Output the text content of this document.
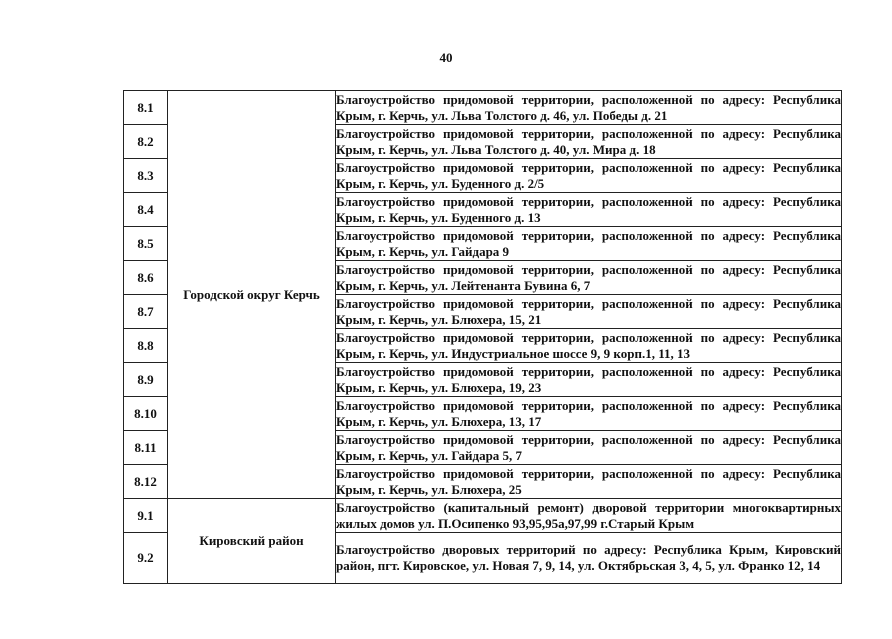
40
8.1	Городской округ Керчь	Благоустройство придомовой территории, расположенной по адресу: Республика Крым, г. Керчь, ул. Льва Толстого д. 46, ул. Победы д. 21
8.2		Благоустройство придомовой территории, расположенной по адресу: Республика Крым, г. Керчь, ул. Льва Толстого д. 40, ул. Мира д. 18
8.3		Благоустройство придомовой территории, расположенной по адресу: Республика Крым, г. Керчь, ул. Буденного д. 2/5
8.4		Благоустройство придомовой территории, расположенной по адресу: Республика Крым, г. Керчь, ул. Буденного д. 13
8.5		Благоустройство придомовой территории, расположенной по адресу: Республика Крым, г. Керчь, ул. Гайдара 9
8.6		Благоустройство придомовой территории, расположенной по адресу: Республика Крым, г. Керчь, ул. Лейтенанта Бувина 6, 7
8.7		Благоустройство придомовой территории, расположенной по адресу: Республика Крым, г. Керчь, ул. Блюхера, 15, 21
8.8		Благоустройство придомовой территории, расположенной по адресу: Республика Крым, г. Керчь, ул. Индустриальное шоссе 9, 9 корп.1, 11, 13
8.9		Благоустройство придомовой территории, расположенной по адресу: Республика Крым, г. Керчь, ул. Блюхера, 19, 23
8.10		Благоустройство придомовой территории, расположенной по адресу: Республика Крым, г. Керчь, ул. Блюхера, 13, 17
8.11		Благоустройство придомовой территории, расположенной по адресу: Республика Крым, г. Керчь, ул. Гайдара 5, 7
8.12		Благоустройство придомовой территории, расположенной по адресу: Республика Крым, г. Керчь, ул. Блюхера, 25
9.1	Кировский район	Благоустройство (капитальный ремонт) дворовой территории многоквартирных жилых домов ул. П.Осипенко 93,95,95а,97,99 г.Старый Крым
9.2		Благоустройство дворовых территорий по адресу: Республика Крым, Кировский район, пгт. Кировское, ул. Новая 7, 9, 14, ул. Октябрьская 3, 4, 5, ул. Франко 12, 14
